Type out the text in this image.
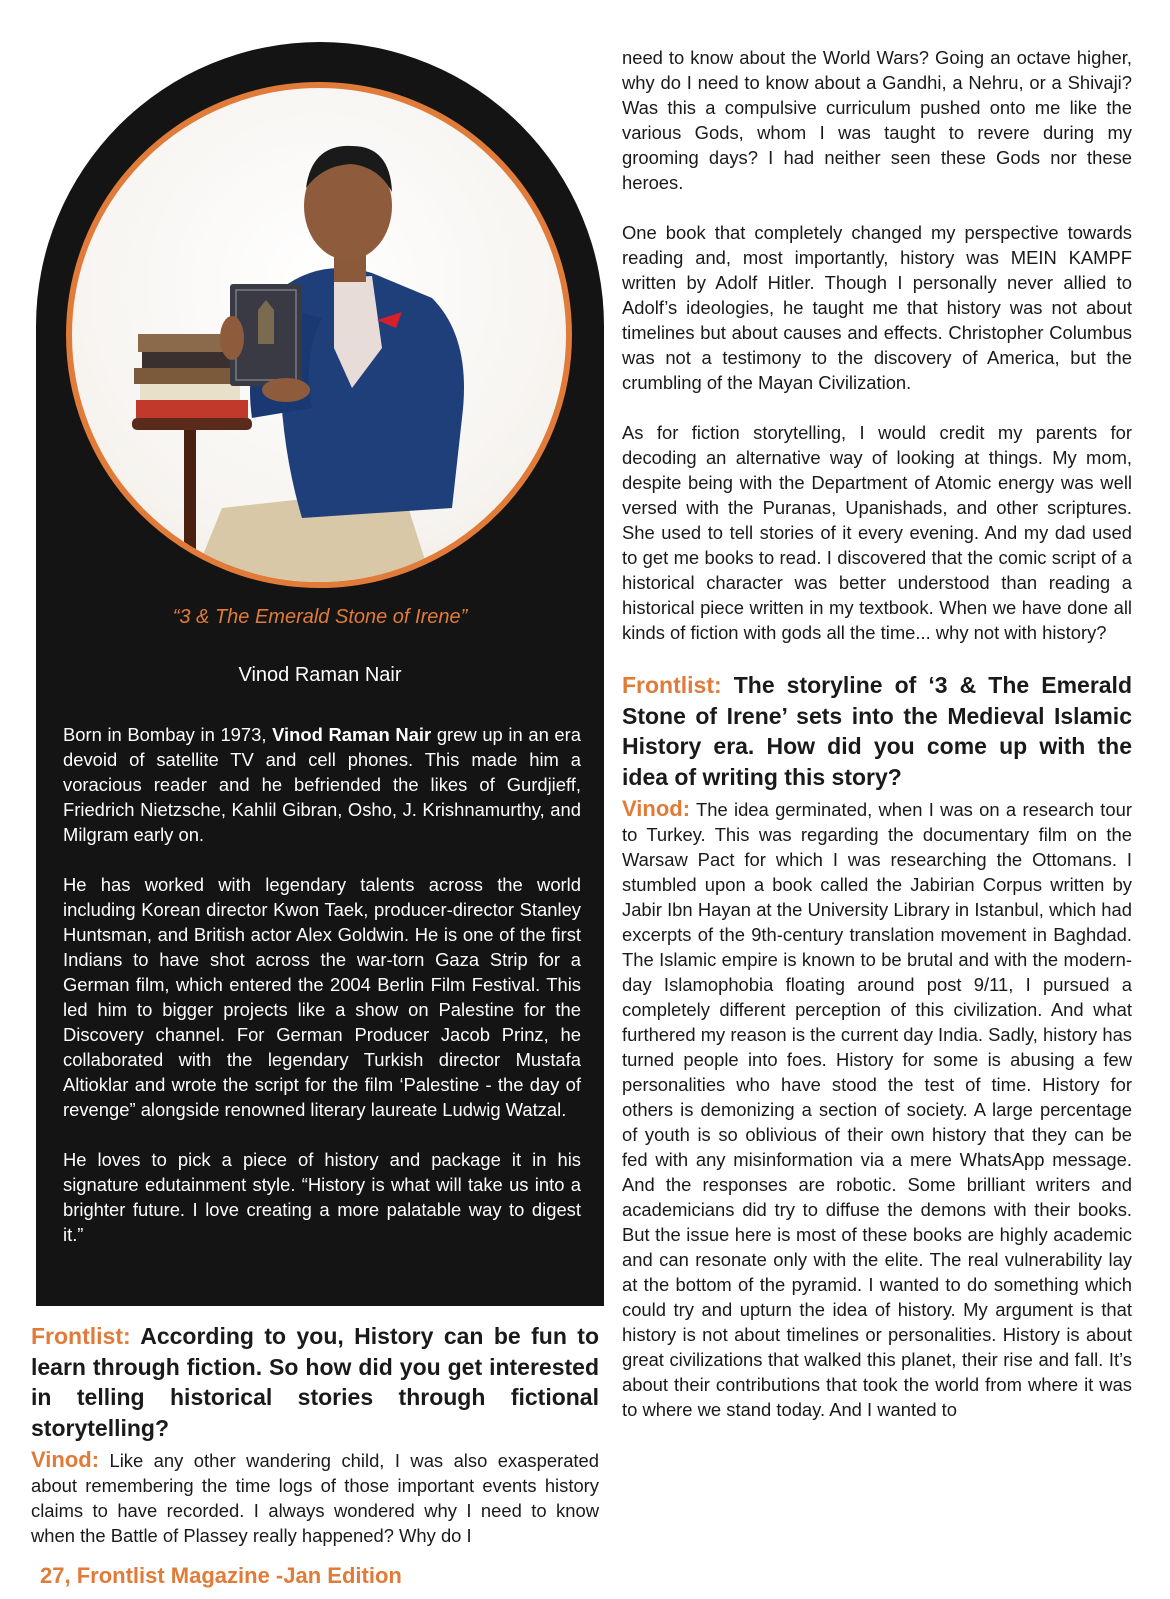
“3 & The Emerald Stone of Irene”
Vinod Raman Nair

Born in Bombay in 1973, Vinod Raman Nair grew up in an era devoid of satellite TV and cell phones. This made him a voracious reader and he befriended the likes of Gurdjieff, Friedrich Nietzsche, Kahlil Gibran, Osho, J. Krishnamurthy, and Milgram early on.

He has worked with legendary talents across the world including Korean director Kwon Taek, producer-director Stanley Huntsman, and British actor Alex Goldwin. He is one of the first Indians to have shot across the war-torn Gaza Strip for a German film, which entered the 2004 Berlin Film Festival. This led him to bigger projects like a show on Palestine for the Discovery channel. For German Producer Jacob Prinz, he collaborated with the legendary Turkish director Mustafa Altioklar and wrote the script for the film ‘Palestine - the day of revenge” alongside renowned literary laureate Ludwig Watzal.

He loves to pick a piece of history and package it in his signature edutainment style. “History is what will take us into a brighter future. I love creating a more palatable way to digest it.”

Frontlist: According to you, History can be fun to learn through fiction. So how did you get interested in telling historical stories through fictional storytelling?

Vinod: Like any other wandering child, I was also exasperated about remembering the time logs of those important events history claims to have recorded. I always wondered why I need to know when the Battle of Plassey really happened? Why do I

need to know about the World Wars? Going an octave higher, why do I need to know about a Gandhi, a Nehru, or a Shivaji? Was this a compulsive curriculum pushed onto me like the various Gods, whom I was taught to revere during my grooming days? I had neither seen these Gods nor these heroes.

One book that completely changed my perspective towards reading and, most importantly, history was MEIN KAMPF written by Adolf Hitler. Though I personally never allied to Adolf’s ideologies, he taught me that history was not about timelines but about causes and effects. Christopher Columbus was not a testimony to the discovery of America, but the crumbling of the Mayan Civilization.

As for fiction storytelling, I would credit my parents for decoding an alternative way of looking at things. My mom, despite being with the Department of Atomic energy was well versed with the Puranas, Upanishads, and other scriptures. She used to tell stories of it every evening. And my dad used to get me books to read. I discovered that the comic script of a historical character was better understood than reading a historical piece written in my textbook. When we have done all kinds of fiction with gods all the time... why not with history?

Frontlist: The storyline of ‘3 & The Emerald Stone of Irene’ sets into the Medieval Islamic History era. How did you come up with the idea of writing this story?

Vinod: The idea germinated, when I was on a research tour to Turkey. This was regarding the documentary film on the Warsaw Pact for which I was researching the Ottomans. I stumbled upon a book called the Jabirian Corpus written by Jabir Ibn Hayan at the University Library in Istanbul, which had excerpts of the 9th-century translation movement in Baghdad. The Islamic empire is known to be brutal and with the modern-day Islamophobia floating around post 9/11, I pursued a completely different perception of this civilization. And what furthered my reason is the current day India. Sadly, history has turned people into foes. History for some is abusing a few personalities who have stood the test of time. History for others is demonizing a section of society. A large percentage of youth is so oblivious of their own history that they can be fed with any misinformation via a mere WhatsApp message. And the responses are robotic. Some brilliant writers and academicians did try to diffuse the demons with their books. But the issue here is most of these books are highly academic and can resonate only with the elite. The real vulnerability lay at the bottom of the pyramid. I wanted to do something which could try and upturn the idea of history. My argument is that history is not about timelines or personalities. History is about great civilizations that walked this planet, their rise and fall. It’s about their contributions that took the world from where it was to where we stand today. And I wanted to

27, Frontlist Magazine -Jan Edition
